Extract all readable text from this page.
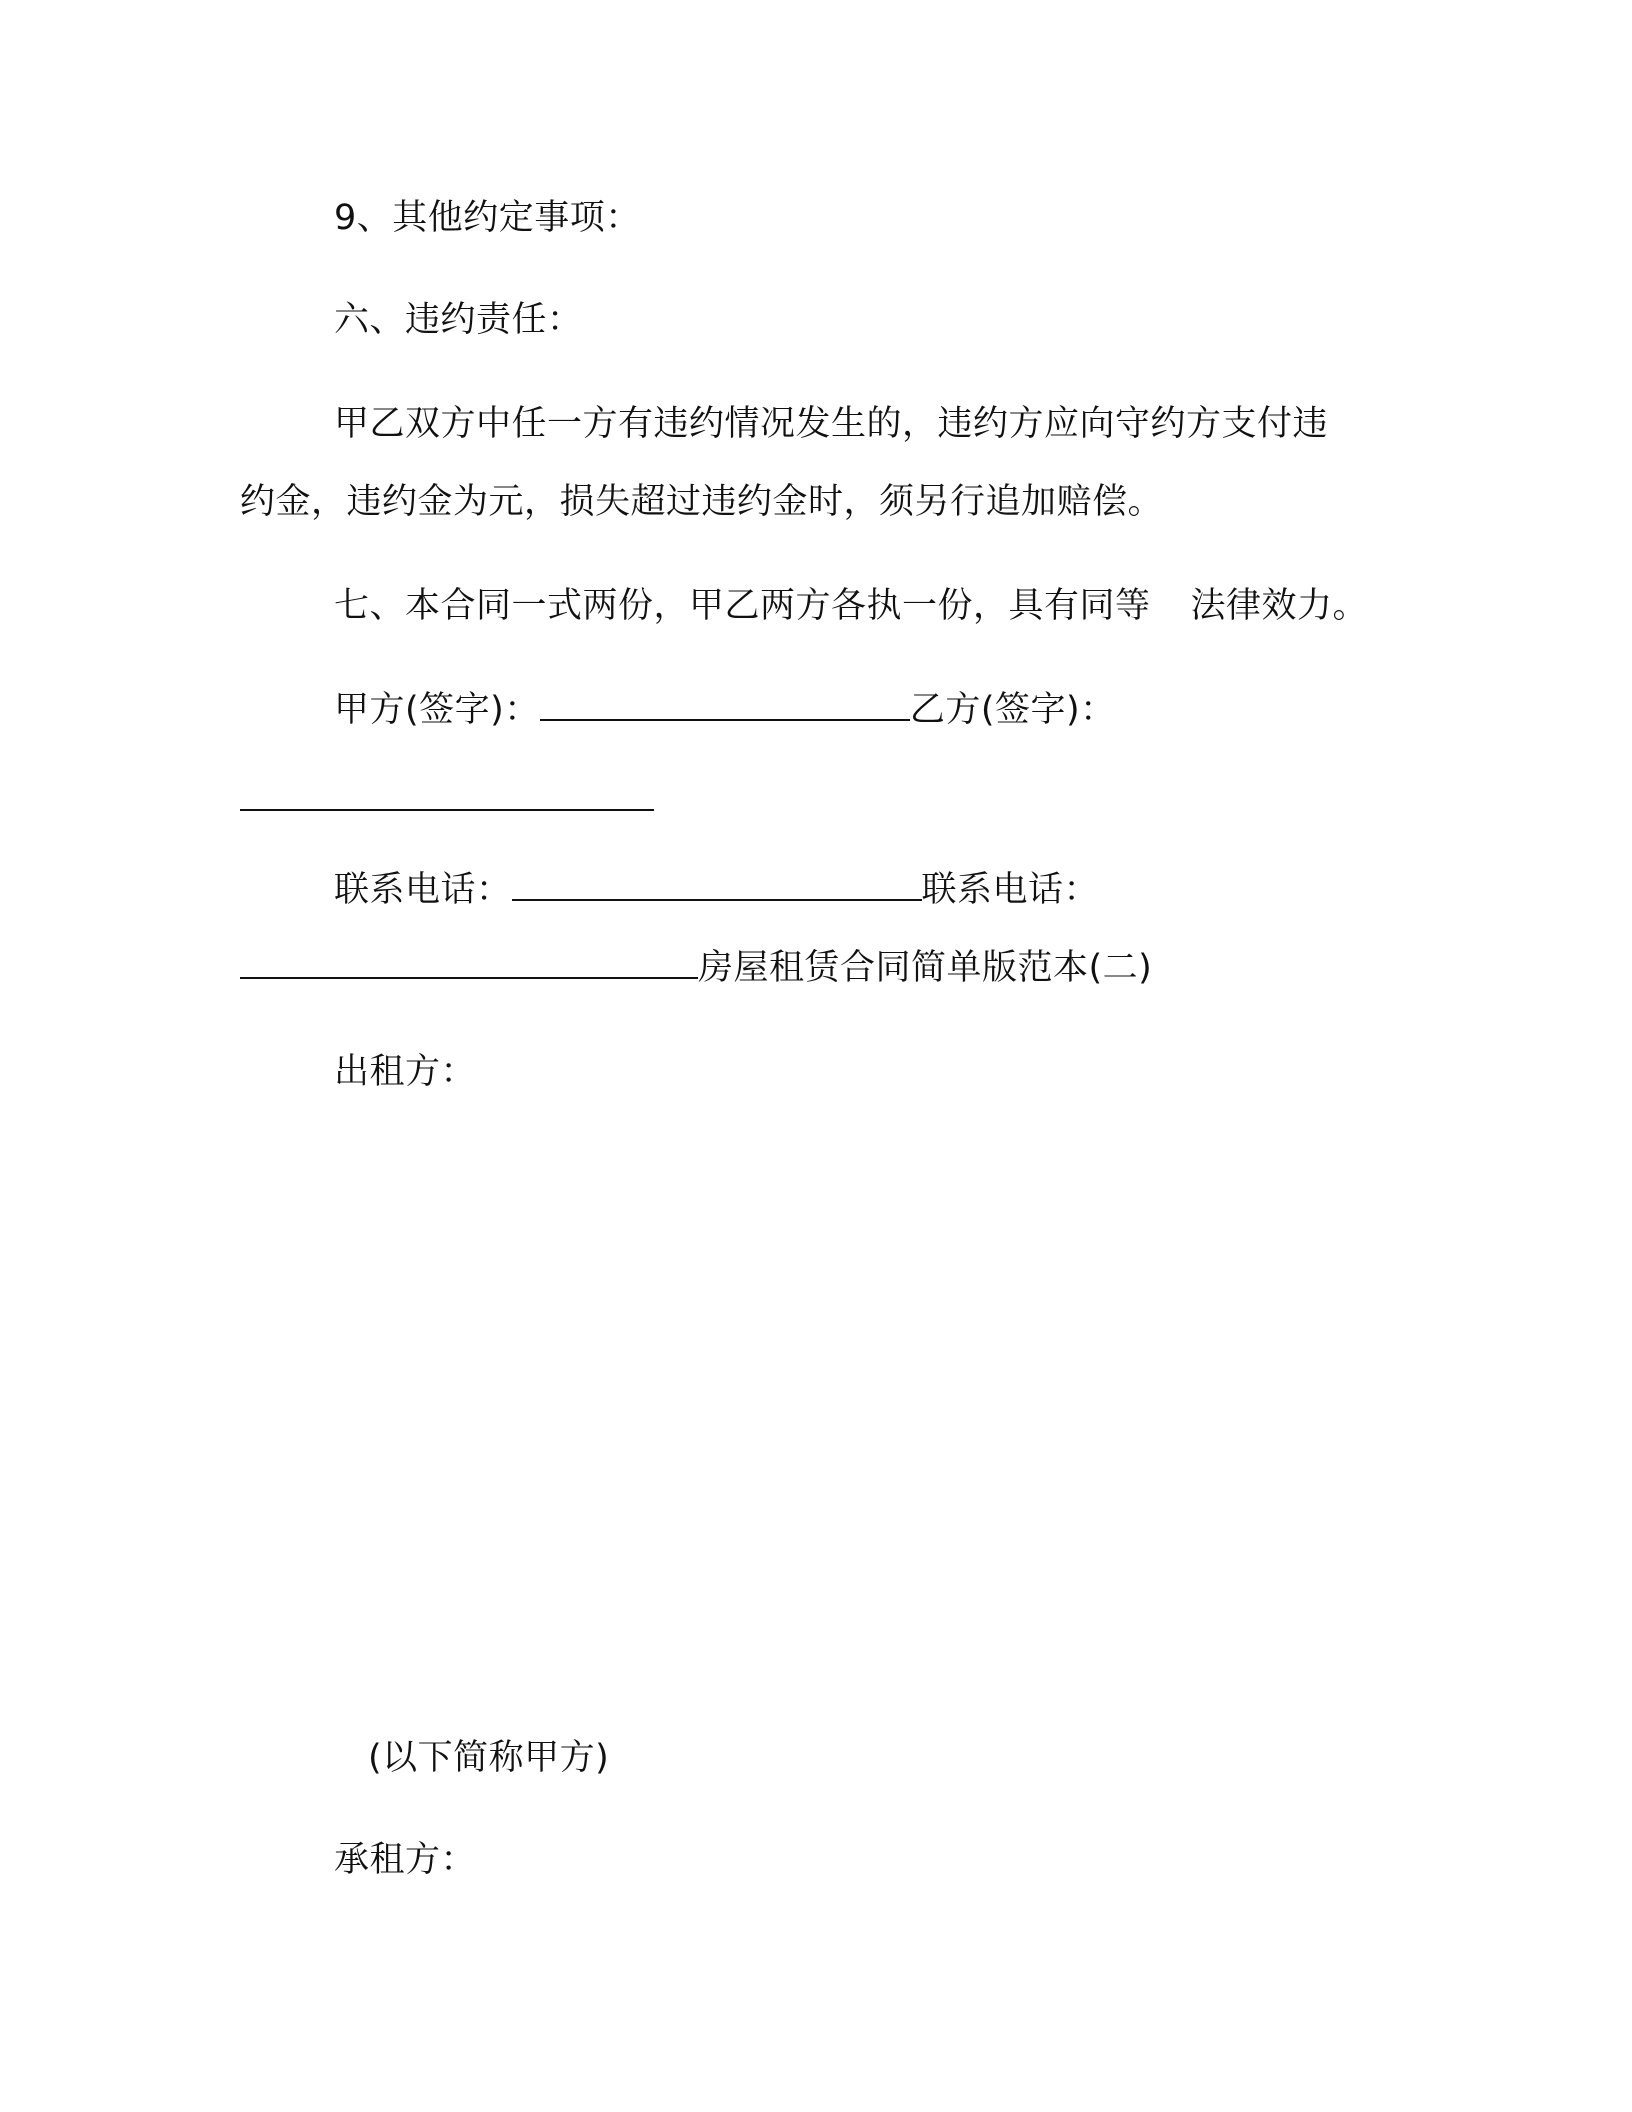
9、其他约定事项：
六、违约责任：
甲乙双方中任一方有违约情况发生的，违约方应向守约方支付违
约金，违约金为元，损失超过违约金时，须另行追加赔偿。
七、本合同一式两份，甲乙两方各执一份，具有同等 法律效力。
甲方(签字)：	乙方(签字)：
联系电话：	联系电话：
房屋租赁合同简单版范本(二)
出租方：
(以下简称甲方)
承租方：
